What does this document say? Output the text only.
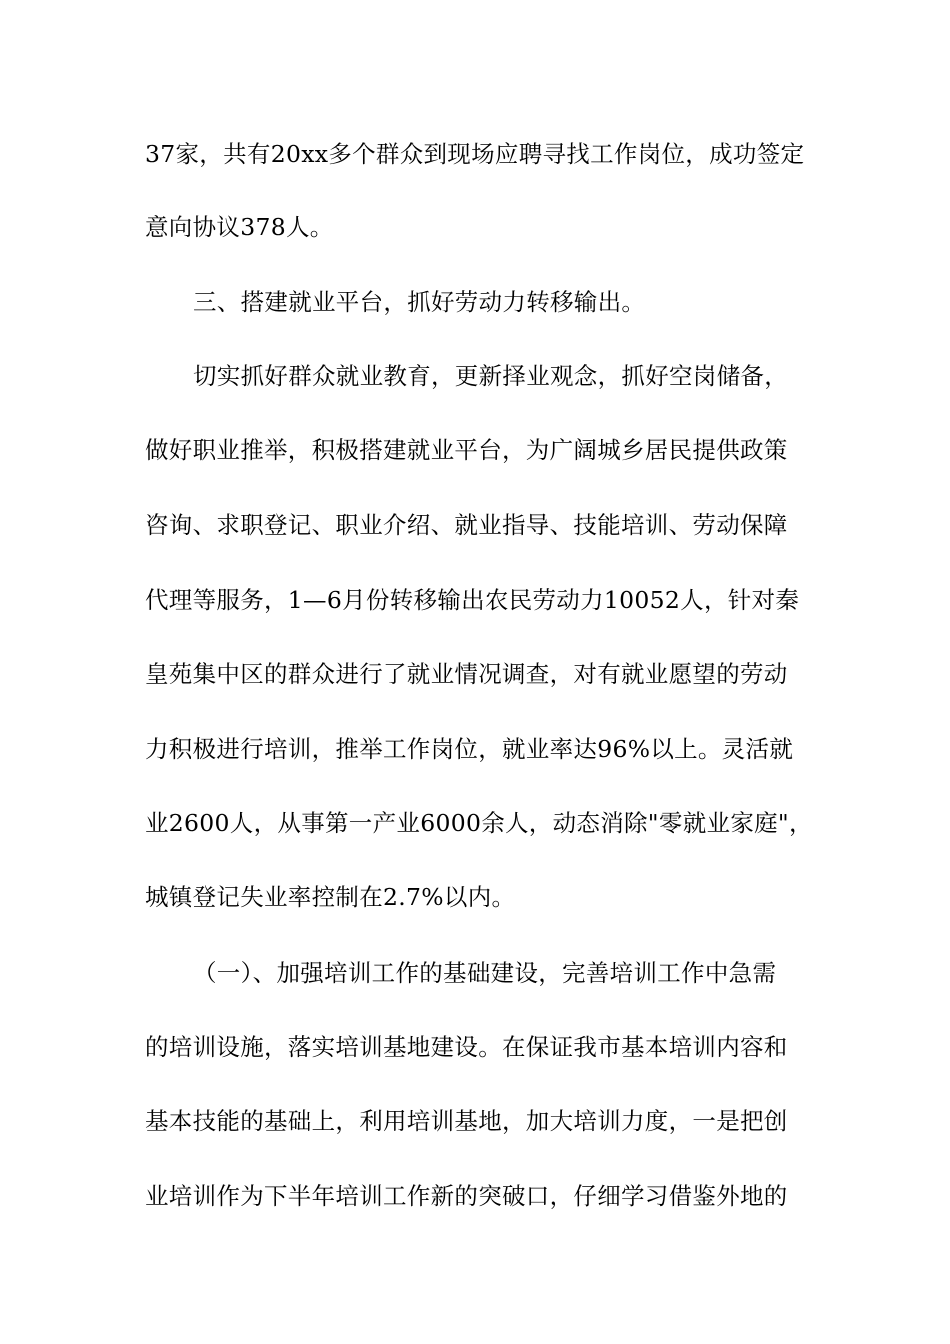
37家，共有20xx多个群众到现场应聘寻找工作岗位，成功签定
意向协议378人。
三、搭建就业平台，抓好劳动力转移输出。
切实抓好群众就业教育，更新择业观念，抓好空岗储备，
做好职业推举，积极搭建就业平台，为广阔城乡居民提供政策
咨询、求职登记、职业介绍、就业指导、技能培训、劳动保障
代理等服务，1—6月份转移输出农民劳动力10052人，针对秦
皇苑集中区的群众进行了就业情况调查，对有就业愿望的劳动
力积极进行培训，推举工作岗位，就业率达96%以上。灵活就
业2600人，从事第一产业6000余人，动态消除"零就业家庭"，
城镇登记失业率控制在2.7%以内。
（一）、加强培训工作的基础建设，完善培训工作中急需
的培训设施，落实培训基地建设。在保证我市基本培训内容和
基本技能的基础上，利用培训基地，加大培训力度，一是把创
业培训作为下半年培训工作新的突破口，仔细学习借鉴外地的
